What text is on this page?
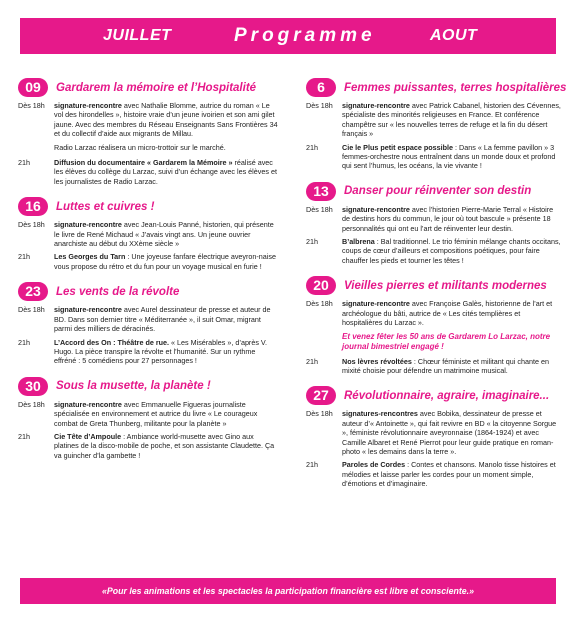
JUILLET	Programme	AOUT
09	Gardarem la mémoire et l’Hospitalité
Dès 18h	signature-rencontre avec Nathalie Blomme, autrice du roman « Le vol des hirondelles », histoire vraie d’un jeune ivoirien et son ami gilet jaune. Avec des membres du Réseau Enseignants Sans Frontières 34 et du collectif d’aide aux migrants de Millau.
Radio Larzac réalisera un micro-trottoir sur le marché.
21h	Diffusion du documentaire « Gardarem la Mémoire » réalisé avec les élèves du collège du Larzac, suivi d’un échange avec les élèves et les journalistes de Radio Larzac.
16	Luttes et cuivres !
Dès 18h	signature-rencontre avec Jean-Louis Panné, historien, qui présente le livre de René Michaud « J’avais vingt ans. Un jeune ouvrier anarchiste au début du XXème siècle »
21h	Les Georges du Tarn : Une joyeuse fanfare électrique aveyron-naise vous propose du rétro et du fun pour un voyage musical en furie !
23	Les vents de la révolte
Dès 18h	signature-rencontre avec Aurel dessinateur de presse et auteur de BD. Dans son dernier titre « Méditerranée », il suit Omar, migrant parmi des milliers de déracinés.
21h	L’Accord des On : Théâtre de rue. « Les Misérables », d’après V. Hugo. La pièce transpire la révolte et l’humanité. Sur un rythme effréné : 5 comédiens pour 27 personnages !
30	Sous la musette, la planète !
Dès 18h	signature-rencontre avec Emmanuelle Figueras journaliste spécialisée en environnement et autrice du livre « Le courageux combat de Greta Thunberg, militante pour la planète »
21h	Cie Tête d’Ampoule : Ambiance world-musette avec Gino aux platines de la disco-mobile de poche, et son assistante Claudette. Ça va guincher d’la gambette !
6	Femmes puissantes, terres hospitalières
Dès 18h	signature-rencontre avec Patrick Cabanel, historien des Cévennes, spécialiste des minorités religieuses en France. Et conférence champêtre sur « les nouvelles terres de refuge et la fin du désert français »
21h	Cie le Plus petit espace possible : Dans « La femme pavillon » 3 femmes-orchestre nous entraînent dans un monde doux et profond qui sent l’humus, les océans, la vie vivante !
13	Danser pour réinventer son destin
Dès 18h	signature-rencontre avec l’historien Pierre-Marie Terral « Histoire de destins hors du commun, le jour où tout bascule » présente 18 personnalités qui ont eu l’art de réinventer leur destin.
21h	B’albrena : Bal traditionnel. Le trio féminin mélange chants occitans, coups de cœur d’ailleurs et compositions poétiques, pour faire chauffer les pieds et tourner les têtes !
20	Vieilles pierres et militants modernes
Dès 18h	signature-rencontre avec Françoise Galès, historienne de l’art et archéologue du bâti, autrice de « Les cités templières et hospitalières du Larzac ».
Et venez fêter les 50 ans de Gardarem Lo Larzac, notre journal bimestriel engagé !
21h	Nos lèvres révoltées : Chœur féministe et militant qui chante en mixité choisie pour défendre un matrimoine musical.
27	Révolutionnaire, agraire, imaginaire...
Dès 18h	signatures-rencontres avec Bobika, dessinateur de presse et auteur d’« Antoinette », qui fait revivre en BD « la citoyenne Sorgue », féministe révolutionnaire aveyronnaise (1864-1924) et avec Camille Albaret et René Pierrot pour leur guide pratique en roman-photo « les demains dans la terre ».
21h	Paroles de Cordes : Contes et chansons. Manolo tisse histoires et mélodies et laisse parler les cordes pour un moment simple, d’émotions et d’imaginaire.
«Pour les animations et les spectacles la participation financière est libre et consciente.»
